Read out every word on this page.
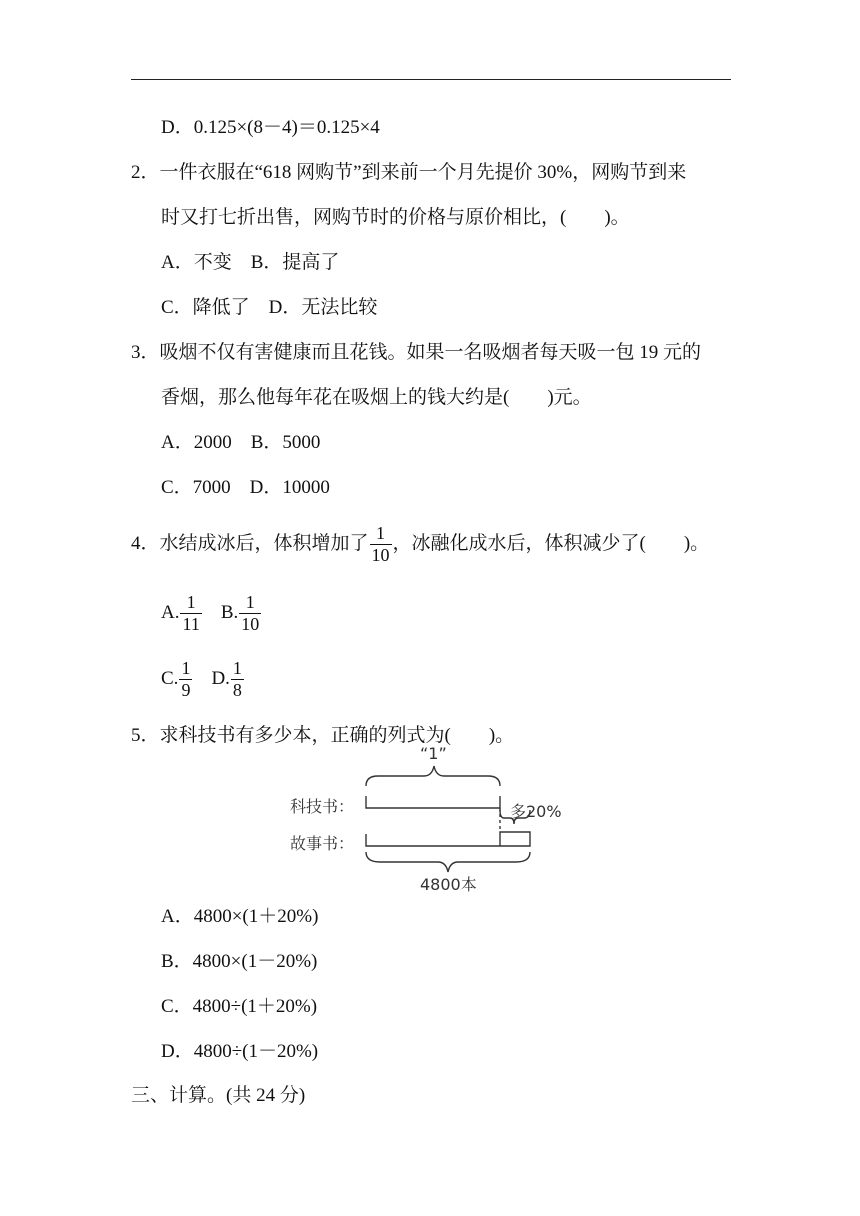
D．0.125×(8－4)＝0.125×4
2．一件衣服在“618 网购节”到来前一个月先提价 30%，网购节到来
时又打七折出售，网购节时的价格与原价相比，(　　)。
A．不变　B．提高了
C．降低了　D．无法比较
3．吸烟不仅有害健康而且花钱。如果一名吸烟者每天吸一包 19 元的
香烟，那么他每年花在吸烟上的钱大约是(　　)元。
A．2000　B．5000
C．7000　D．10000
4．水结成冰后，体积增加了 $\frac{1}{10}$ ，冰融化成水后，体积减少了(　　)。
A. $\frac{1}{11} B$. $\frac{1}{10}$
C. $\frac{1}{9} D$. $\frac{1}{8}$
5．求科技书有多少本，正确的列式为(　　)。
“1”
科技书：
故事书：
多20%
4800本
A．4800×(1＋20%)
B．4800×(1－20%)
C．4800÷(1＋20%)
D．4800÷(1－20%)
三、计算。(共 24 分)
